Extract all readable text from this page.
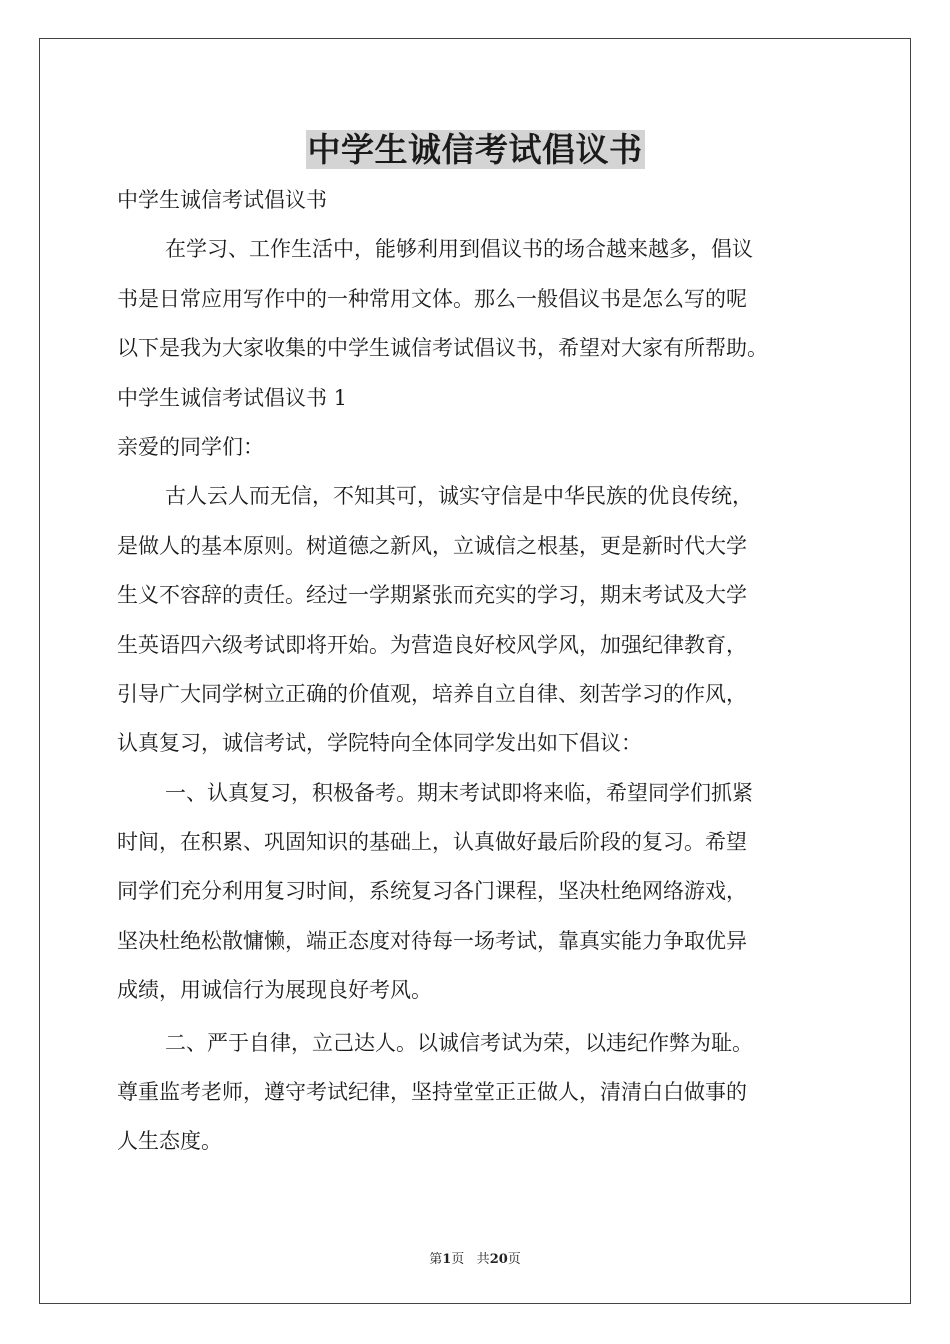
中学生诚信考试倡议书
中学生诚信考试倡议书
在学习、工作生活中，能够利用到倡议书的场合越来越多，倡议
书是日常应用写作中的一种常用文体。那么一般倡议书是怎么写的呢
以下是我为大家收集的中学生诚信考试倡议书，希望对大家有所帮助。
中学生诚信考试倡议书 1
亲爱的同学们：
古人云人而无信，不知其可，诚实守信是中华民族的优良传统，
是做人的基本原则。树道德之新风，立诚信之根基，更是新时代大学
生义不容辞的责任。经过一学期紧张而充实的学习，期末考试及大学
生英语四六级考试即将开始。为营造良好校风学风，加强纪律教育，
引导广大同学树立正确的价值观，培养自立自律、刻苦学习的作风，
认真复习，诚信考试，学院特向全体同学发出如下倡议：
一、认真复习，积极备考。期末考试即将来临，希望同学们抓紧
时间，在积累、巩固知识的基础上，认真做好最后阶段的复习。希望
同学们充分利用复习时间，系统复习各门课程，坚决杜绝网络游戏，
坚决杜绝松散慵懒，端正态度对待每一场考试，靠真实能力争取优异
成绩，用诚信行为展现良好考风。
二、严于自律，立己达人。以诚信考试为荣，以违纪作弊为耻。
尊重监考老师，遵守考试纪律，坚持堂堂正正做人，清清白白做事的
人生态度。
第1页 共20页
